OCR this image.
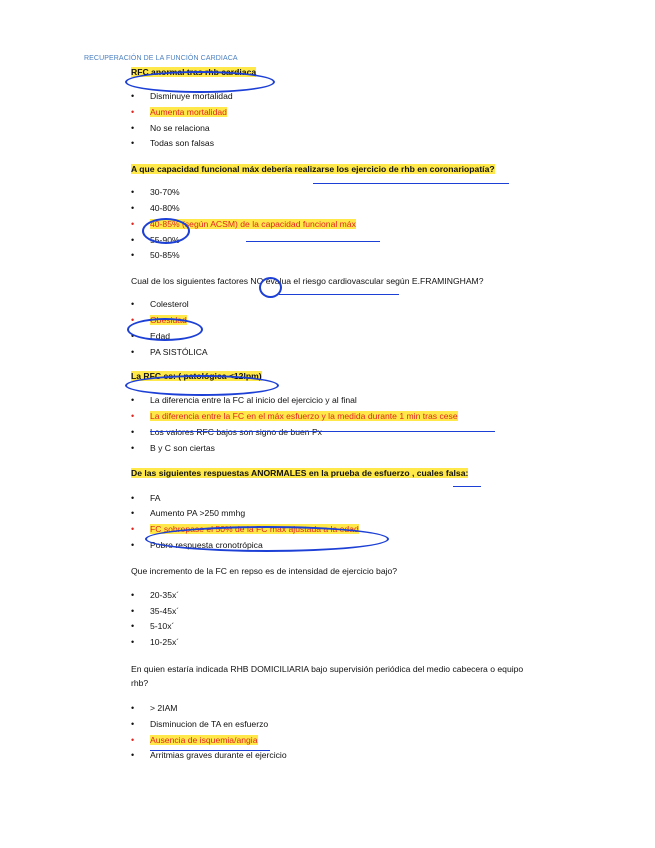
RECUPERACIÓN DE LA FUNCIÓN CARDIACA

RFC anormal tras rhb cardiaca

• Disminuye mortalidad
• Aumenta mortalidad
• No se relaciona
• Todas son falsas

A que capacidad funcional máx debería realizarse los ejercicio de rhb en coronariopatía?

• 30-70%
• 40-80%
• 40-85% (según ACSM) de la capacidad funcional máx
• 55-90%
• 50-85%

Cual de los siguientes factores NO evalua el riesgo cardiovascular según E.FRAMINGHAM?

• Colesterol
• Obesidad
• Edad
• PA SISTÓLICA

La RFC es: ( patológica <12lpm)

• La diferencia entre la FC al inicio del ejercicio y al final
• La diferencia entre la FC en el máx esfuerzo y la medida durante 1 min tras cese
• Los valores RFC bajos son signo de buen Px
• B y C son ciertas

De las siguientes respuestas ANORMALES en la prueba de esfuerzo , cuales falsa:

• FA
• Aumento PA >250 mmhg
• FC sobrepase el 50% de la FC max ajustada a la edad
• Pobre respuesta cronotrópica

Que incremento de la FC en repso es de intensidad de ejercicio bajo?

• 20-35x´
• 35-45x´
• 5-10x´
• 10-25x´

En quien estaría indicada RHB DOMICILIARIA bajo supervisión periódica del medio cabecera o equipo rhb?

• > 2IAM
• Disminucion de TA en esfuerzo
• Ausencia de isquemia/angia
• Arritmias graves durante el ejercicio
